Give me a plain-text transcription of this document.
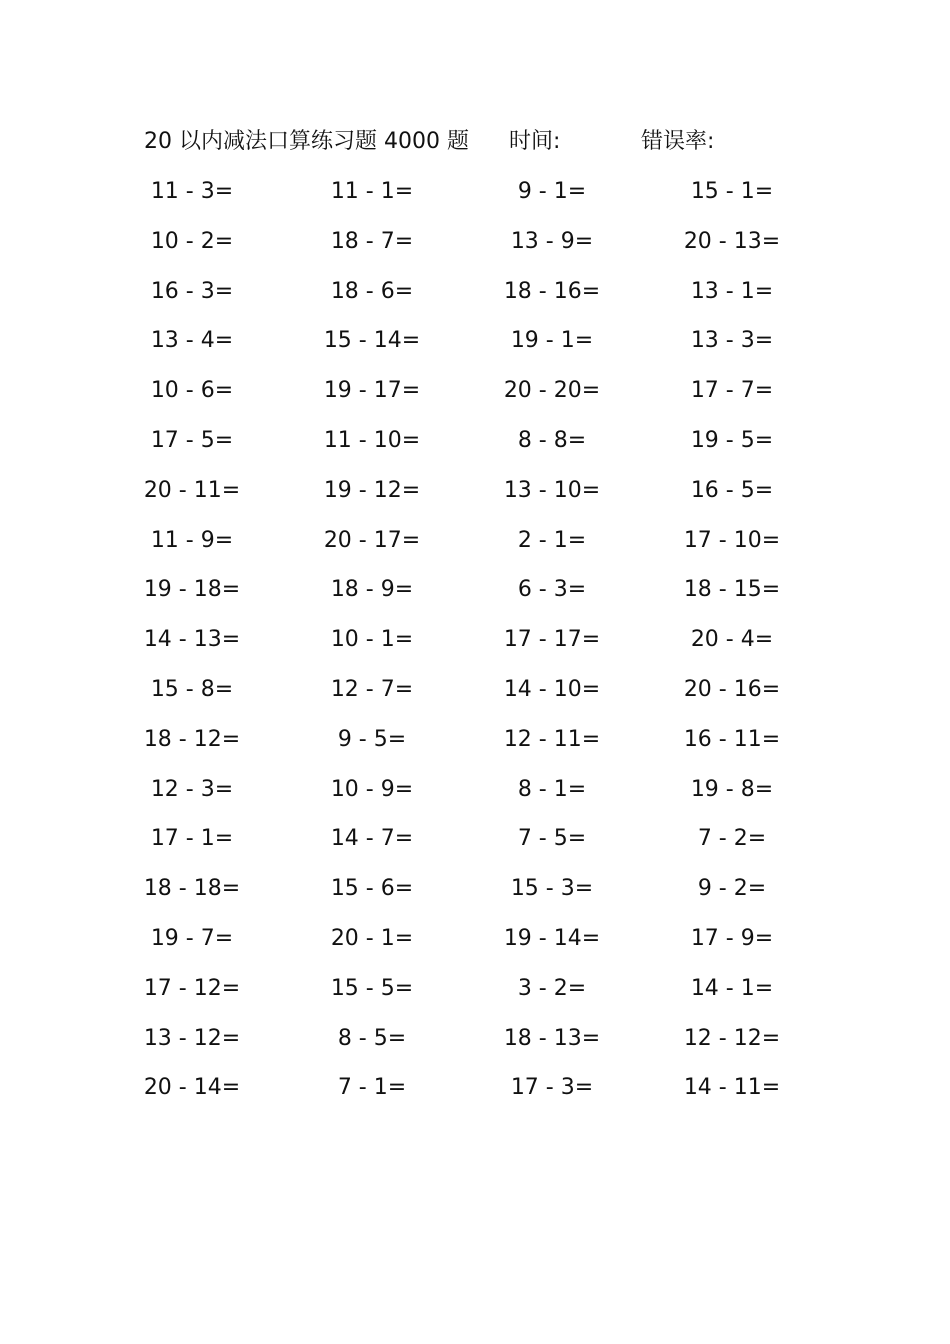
20 以内减法口算练习题 4000 题 时间:	错误率:
11 - 3=	11 - 1=	9 - 1=	15 - 1=
10 - 2=	18 - 7=	13 - 9=	20 - 13=
16 - 3=	18 - 6=	18 - 16=	13 - 1=
13 - 4=	15 - 14=	19 - 1=	13 - 3=
10 - 6=	19 - 17=	20 - 20=	17 - 7=
17 - 5=	11 - 10=	8 - 8=	19 - 5=
20 - 11=	19 - 12=	13 - 10=	16 - 5=
11 - 9=	20 - 17=	2 - 1=	17 - 10=
19 - 18=	18 - 9=	6 - 3=	18 - 15=
14 - 13=	10 - 1=	17 - 17=	20 - 4=
15 - 8=	12 - 7=	14 - 10=	20 - 16=
18 - 12=	9 - 5=	12 - 11=	16 - 11=
12 - 3=	10 - 9=	8 - 1=	19 - 8=
17 - 1=	14 - 7=	7 - 5=	7 - 2=
18 - 18=	15 - 6=	15 - 3=	9 - 2=
19 - 7=	20 - 1=	19 - 14=	17 - 9=
17 - 12=	15 - 5=	3 - 2=	14 - 1=
13 - 12=	8 - 5=	18 - 13=	12 - 12=
20 - 14=	7 - 1=	17 - 3=	14 - 11=
